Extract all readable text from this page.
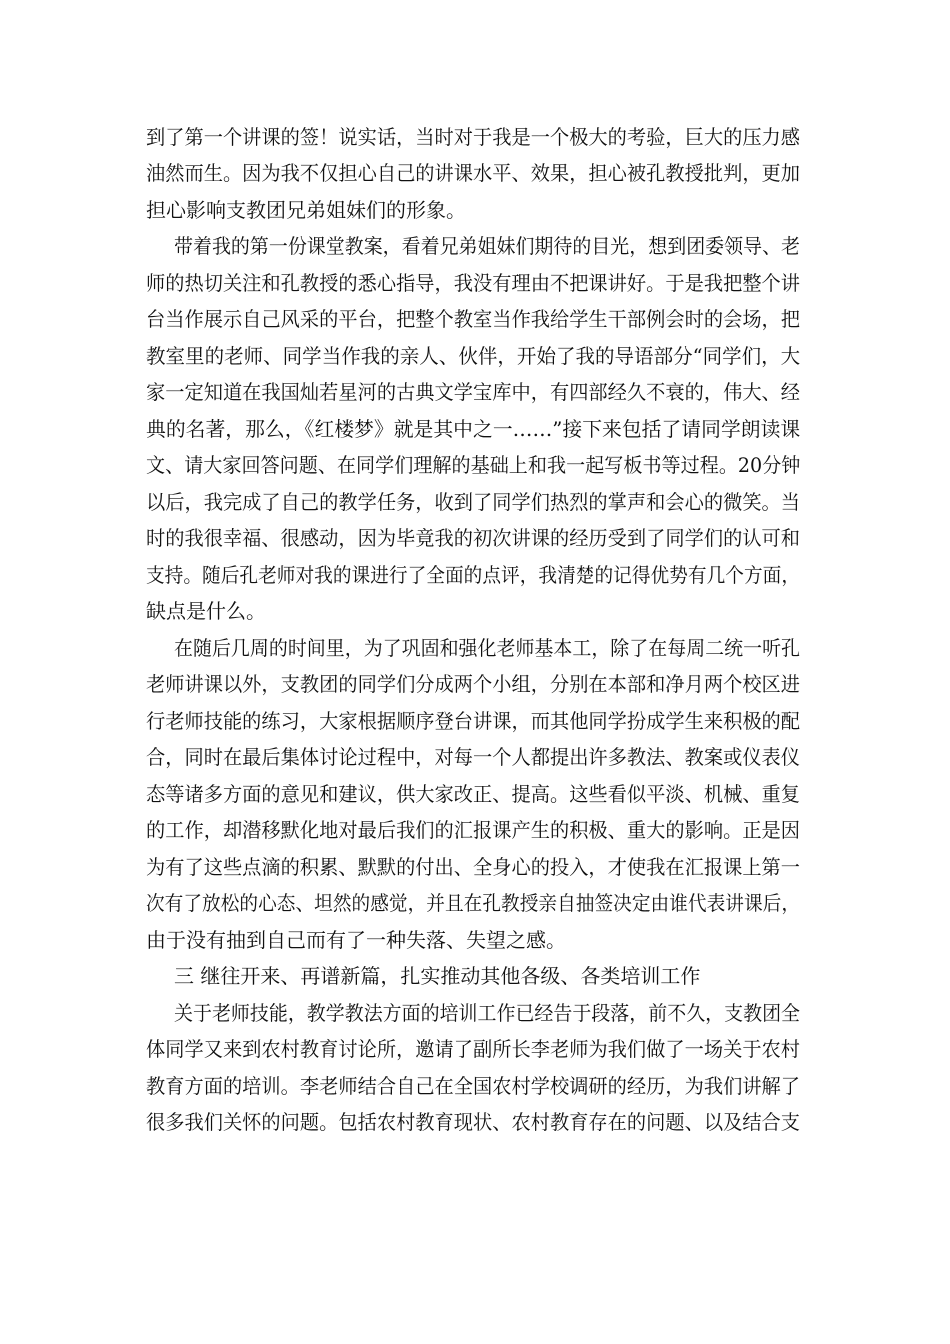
到了第一个讲课的签！说实话，当时对于我是一个极大的考验，巨大的压力感
油然而生。因为我不仅担心自己的讲课水平、效果，担心被孔教授批判，更加
担心影响支教团兄弟姐妹们的形象。
带着我的第一份课堂教案，看着兄弟姐妹们期待的目光，想到团委领导、老
师的热切关注和孔教授的悉心指导，我没有理由不把课讲好。于是我把整个讲
台当作展示自己风采的平台，把整个教室当作我给学生干部例会时的会场，把
教室里的老师、同学当作我的亲人、伙伴，开始了我的导语部分“同学们，大
家一定知道在我国灿若星河的古典文学宝库中，有四部经久不衰的，伟大、经
典的名著，那么，《红楼梦》就是其中之一……”接下来包括了请同学朗读课
文、请大家回答问题、在同学们理解的基础上和我一起写板书等过程。20分钟
以后，我完成了自己的教学任务，收到了同学们热烈的掌声和会心的微笑。当
时的我很幸福、很感动，因为毕竟我的初次讲课的经历受到了同学们的认可和
支持。随后孔老师对我的课进行了全面的点评，我清楚的记得优势有几个方面，
缺点是什么。
在随后几周的时间里，为了巩固和强化老师基本工，除了在每周二统一听孔
老师讲课以外，支教团的同学们分成两个小组，分别在本部和净月两个校区进
行老师技能的练习，大家根据顺序登台讲课，而其他同学扮成学生来积极的配
合，同时在最后集体讨论过程中，对每一个人都提出许多教法、教案或仪表仪
态等诸多方面的意见和建议，供大家改正、提高。这些看似平淡、机械、重复
的工作，却潜移默化地对最后我们的汇报课产生的积极、重大的影响。正是因
为有了这些点滴的积累、默默的付出、全身心的投入，才使我在汇报课上第一
次有了放松的心态、坦然的感觉，并且在孔教授亲自抽签决定由谁代表讲课后，
由于没有抽到自己而有了一种失落、失望之感。
三 继往开来、再谱新篇，扎实推动其他各级、各类培训工作
关于老师技能，教学教法方面的培训工作已经告于段落，前不久，支教团全
体同学又来到农村教育讨论所，邀请了副所长李老师为我们做了一场关于农村
教育方面的培训。李老师结合自己在全国农村学校调研的经历，为我们讲解了
很多我们关怀的问题。包括农村教育现状、农村教育存在的问题、以及结合支
